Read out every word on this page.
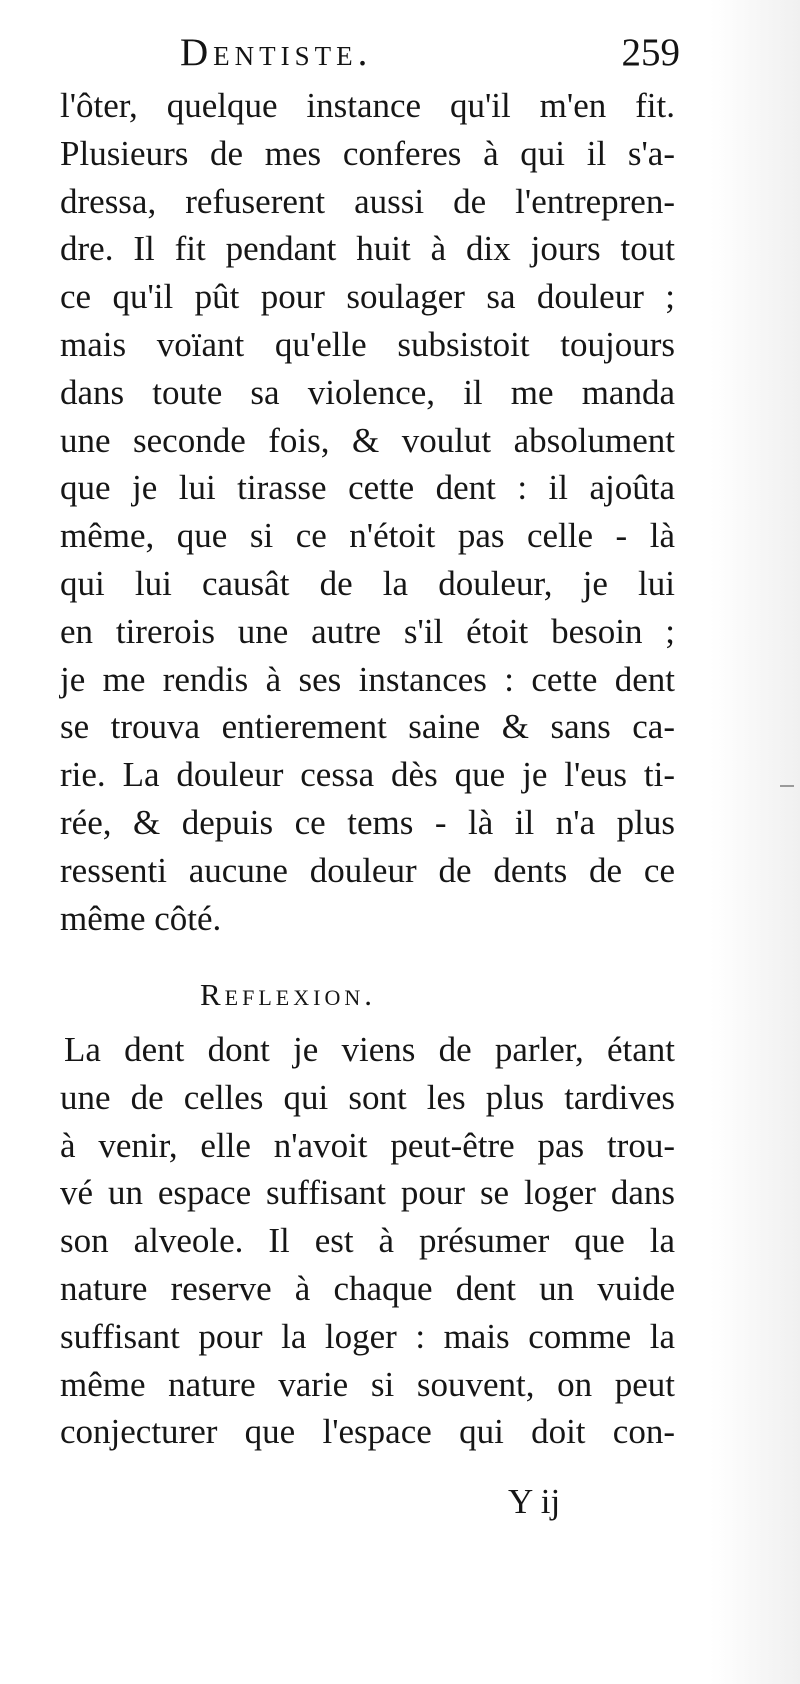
Dentiste.	259
l'ôter, quelque instance qu'il m'en fit.
Plusieurs de mes conferes à qui il s'a-
dressa, refuserent aussi de l'entrepren-
dre. Il fit pendant huit à dix jours tout
ce qu'il pût pour soulager sa douleur ;
mais voïant qu'elle subsistoit toujours
dans toute sa violence, il me manda
une seconde fois, & voulut absolument
que je lui tirasse cette dent : il ajoûta
même, que si ce n'étoit pas celle - là
qui lui causât de la douleur, je lui
en tirerois une autre s'il étoit besoin ;
je me rendis à ses instances : cette dent
se trouva entierement saine & sans ca-
rie. La douleur cessa dès que je l'eus ti-
rée, & depuis ce tems - là il n'a plus
ressenti aucune douleur de dents de ce
même côté.
Reflexion.
La dent dont je viens de parler, étant
une de celles qui sont les plus tardives
à venir, elle n'avoit peut-être pas trou-
vé un espace suffisant pour se loger dans
son alveole. Il est à présumer que la
nature reserve à chaque dent un vuide
suffisant pour la loger : mais comme la
même nature varie si souvent, on peut
conjecturer que l'espace qui doit con-
Y ij
